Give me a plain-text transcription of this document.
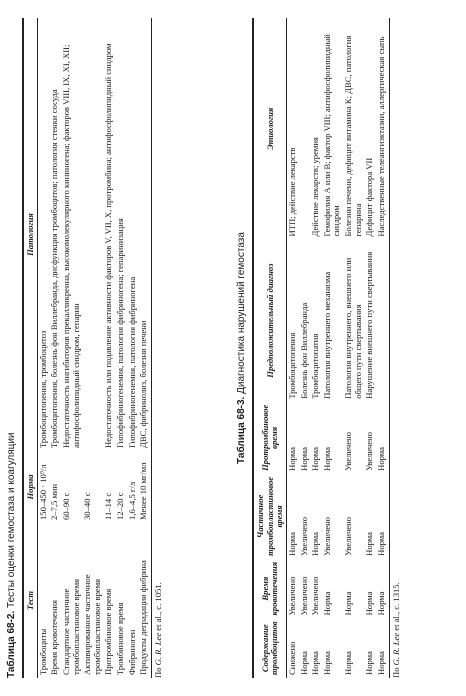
Таблица 68-2. Тесты оценки гемостаза и коагуляции Тест	Норма	Патология
Тромбоциты	150–450 · 10⁹/л	Тромбоцитопения, тромбоцитоз
Время кровотечения	2–7,5 мин	Тромбоцитопения, болезнь фон Виллебранда, дисфункция тромбоцитов; патология стенки сосуда
Стандартное частичное тромбопластиновое время	60–90 с	Недостаточность ингибиторов прекалликреина, высокомолекулярного кининогена; факторов VIII, IX, XI, XII; антифосфолипидный синдром, гепарин
Активированное частичное тромбопластиновое время	30–40 с	
Протромбиновое время	11–14 с	Недостаточность или подавление активности факторов V, VII, X, протромбина; антифосфолипидный синдром
Тромбиновое время	12–20 с	Гипофибриногенемия, патология фибриногена; гепаринизация
Фибриноген	1,6–4,5 г/л	Гипофибриногенемия, патология фибриногена
Продукты деградации фибрина	Менее 10 мг/мл	ДВС, фибринолиз, болезни печени
По G. R. Lee et al., с. 1051.
Таблица 68-3. Диагностика нарушений гемостаза
Содержание тромбоцитов	Время кровотечения	Частичное тромбопластиновое время	Протромбиновое время	Предположительный диагноз	Этиология
Снижено	Увеличено	Норма	Норма	Тромбоцитопения	ИТП; действие лекарств
Норма	Увеличено	Увеличено	Норма	Болезнь фон Виллебранда	
Норма	Увеличено	Норма	Норма	Тромбоцитопатия	Действие лекарств; уремия
Норма	Норма	Увеличено	Норма	Патология внутреннего механизма	Гемофилия А или В; фактор VIII; антифосфолипидный синдром
Норма	Норма	Увеличено	Увеличено	Патология внутреннего, внешнего или общего пути свертывания	Болезни печени, дефицит витамина К; ДВС, патология гепарина
Норма	Норма	Норма	Увеличено	Нарушение внешнего пути свертывания	Дефицит фактора VII
Норма	Норма	Норма	Норма		Наследственные телеангиэктазии, аллергическая сыпь
По G. R. Lee et al., с. 1315.
